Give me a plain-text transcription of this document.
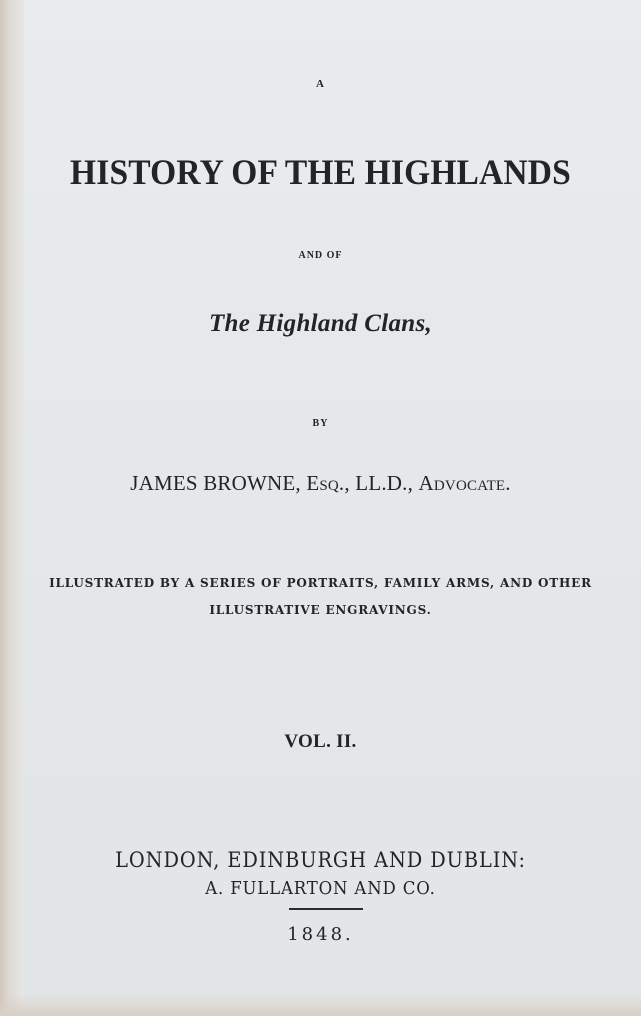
A
HISTORY OF THE HIGHLANDS
AND OF
The Highland Clans,
BY
JAMES BROWNE, Esq., LL.D., Advocate.
ILLUSTRATED BY A SERIES OF PORTRAITS, FAMILY ARMS, AND OTHER
ILLUSTRATIVE ENGRAVINGS.
VOL. II.
LONDON, EDINBURGH AND DUBLIN:
A. FULLARTON AND CO.
1848.
